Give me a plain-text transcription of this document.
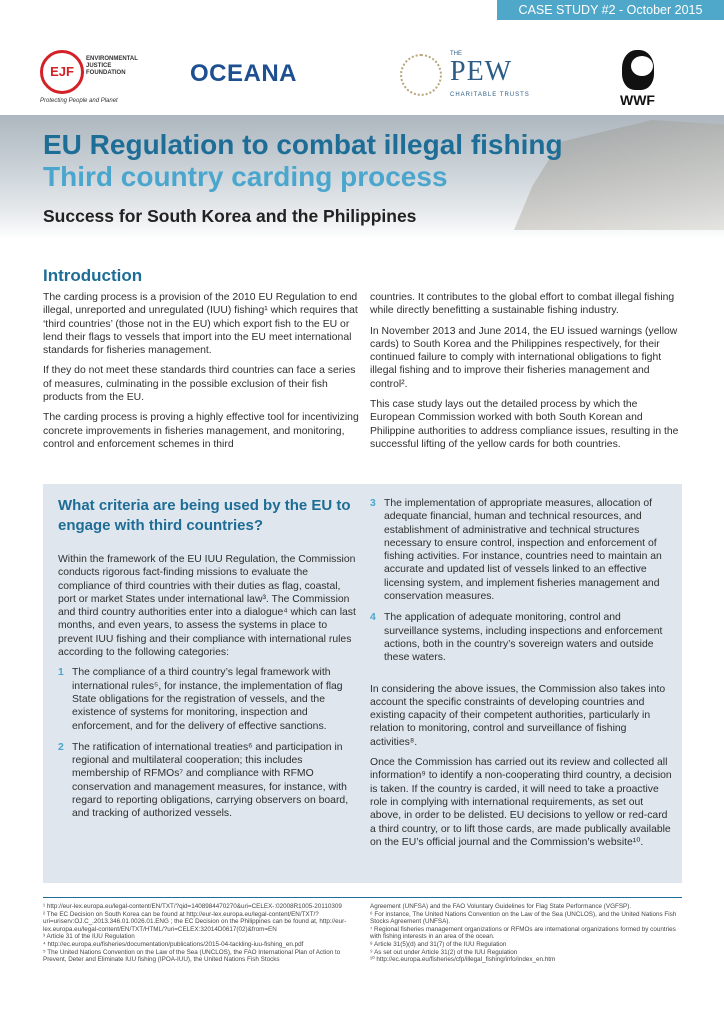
CASE STUDY #2 - October 2015
EJF
ENVIRONMENTAL JUSTICE FOUNDATION
Protecting People and Planet
OCEANA
THE
PEW
CHARITABLE TRUSTS	WWF
EU Regulation to combat illegal fishing
Third country carding process
Success for South Korea and the Philippines
Introduction

The carding process is a provision of the 2010 EU Regulation to end illegal, unreported and unregulated (IUU) fishing¹ which requires that ‘third countries’ (those not in the EU) which export fish to the EU or lend their flags to vessels that import into the EU meet international standards for fisheries management.

If they do not meet these standards third countries can face a series of measures, culminating in the possible exclusion of their fish products from the EU.

The carding process is proving a highly effective tool for incentivizing concrete improvements in fisheries management, and monitoring, control and enforcement schemes in third

countries. It contributes to the global effort to combat illegal fishing while directly benefitting a sustainable fishing industry.

In November 2013 and June 2014, the EU issued warnings (yellow cards) to South Korea and the Philippines respectively, for their continued failure to comply with international obligations to fight illegal fishing and to improve their fisheries management and control².

This case study lays out the detailed process by which the European Commission worked with both South Korean and Philippine authorities to address compliance issues, resulting in the successful lifting of the yellow cards for both countries.

What criteria are being used by the EU to engage with third countries?

Within the framework of the EU IUU Regulation, the Commission conducts rigorous fact-finding missions to evaluate the compliance of third countries with their duties as flag, coastal, port or market States under international law³. The Commission and third country authorities enter into a dialogue⁴ which can last months, and even years, to assess the systems in place to prevent IUU fishing and their compliance with international rules according to the following categories:

1 The compliance of a third country’s legal framework with international rules⁵, for instance, the implementation of flag State obligations for the registration of vessels, and the existence of systems for monitoring, inspection and enforcement, and for the delivery of effective sanctions.
2 The ratification of international treaties⁶ and participation in regional and multilateral cooperation; this includes membership of RFMOs⁷ and compliance with RFMO conservation and management measures, for instance, with regard to reporting obligations, carrying observers on board, and tracking of authorized vessels.
3 The implementation of appropriate measures, allocation of adequate financial, human and technical resources, and establishment of administrative and technical structures necessary to ensure control, inspection and enforcement of fishing activities. For instance, countries need to maintain an accurate and updated list of vessels linked to an effective licensing system, and implement fisheries management and conservation measures.
4 The application of adequate monitoring, control and surveillance systems, including inspections and enforcement actions, both in the country’s sovereign waters and outside these waters.

In considering the above issues, the Commission also takes into account the specific constraints of developing countries and existing capacity of their competent authorities, particularly in relation to monitoring, control and surveillance of fishing activities⁸.

Once the Commission has carried out its review and collected all information⁹ to identify a non-cooperating third country, a decision is taken. If the country is carded, it will need to take a proactive role in complying with international requirements, as set out above, in order to be delisted. EU decisions to yellow or red-card a third country, or to lift those cards, are made publically available on the EU’s official journal and the Commission’s website¹⁰.

¹ http://eur-lex.europa.eu/legal-content/EN/TXT/?qid=1408984470270&uri=CELEX-:02008R1005-20110309
² The EC Decision on South Korea can be found at http://eur-lex.europa.eu/legal-content/EN/TXT/?uri=uriserv:OJ.C_.2013.346.01.0026.01.ENG ; the EC Decision on the Philippines can be found at, http://eur-lex.europa.eu/legal-content/EN/TXT/HTML/?uri=CELEX:32014D0617(02)&from=EN
³ Article 31 of the IUU Regulation
⁴ http://ec.europa.eu/fisheries/documentation/publications/2015-04-tackling-iuu-fishing_en.pdf
⁵ The United Nations Convention on the Law of the Sea (UNCLOS), the FAO International Plan of Action to Prevent, Deter and Eliminate IUU fishing (IPOA-IUU), the United Nations Fish Stocks
Agreement (UNFSA) and the FAO Voluntary Guidelines for Flag State Performance (VGFSP).
⁶ For instance, The United Nations Convention on the Law of the Sea (UNCLOS), and the United Nations Fish Stocks Agreement (UNFSA).
⁷ Regional fisheries management organizations or RFMOs are international organizations formed by countries with fishing interests in an area of the ocean.
⁸ Article 31(5)(d) and 31(7) of the IUU Regulation
⁹ As set out under Article 31(2) of the IUU Regulation
¹⁰ http://ec.europa.eu/fisheries/cfp/illegal_fishing/info/index_en.htm
